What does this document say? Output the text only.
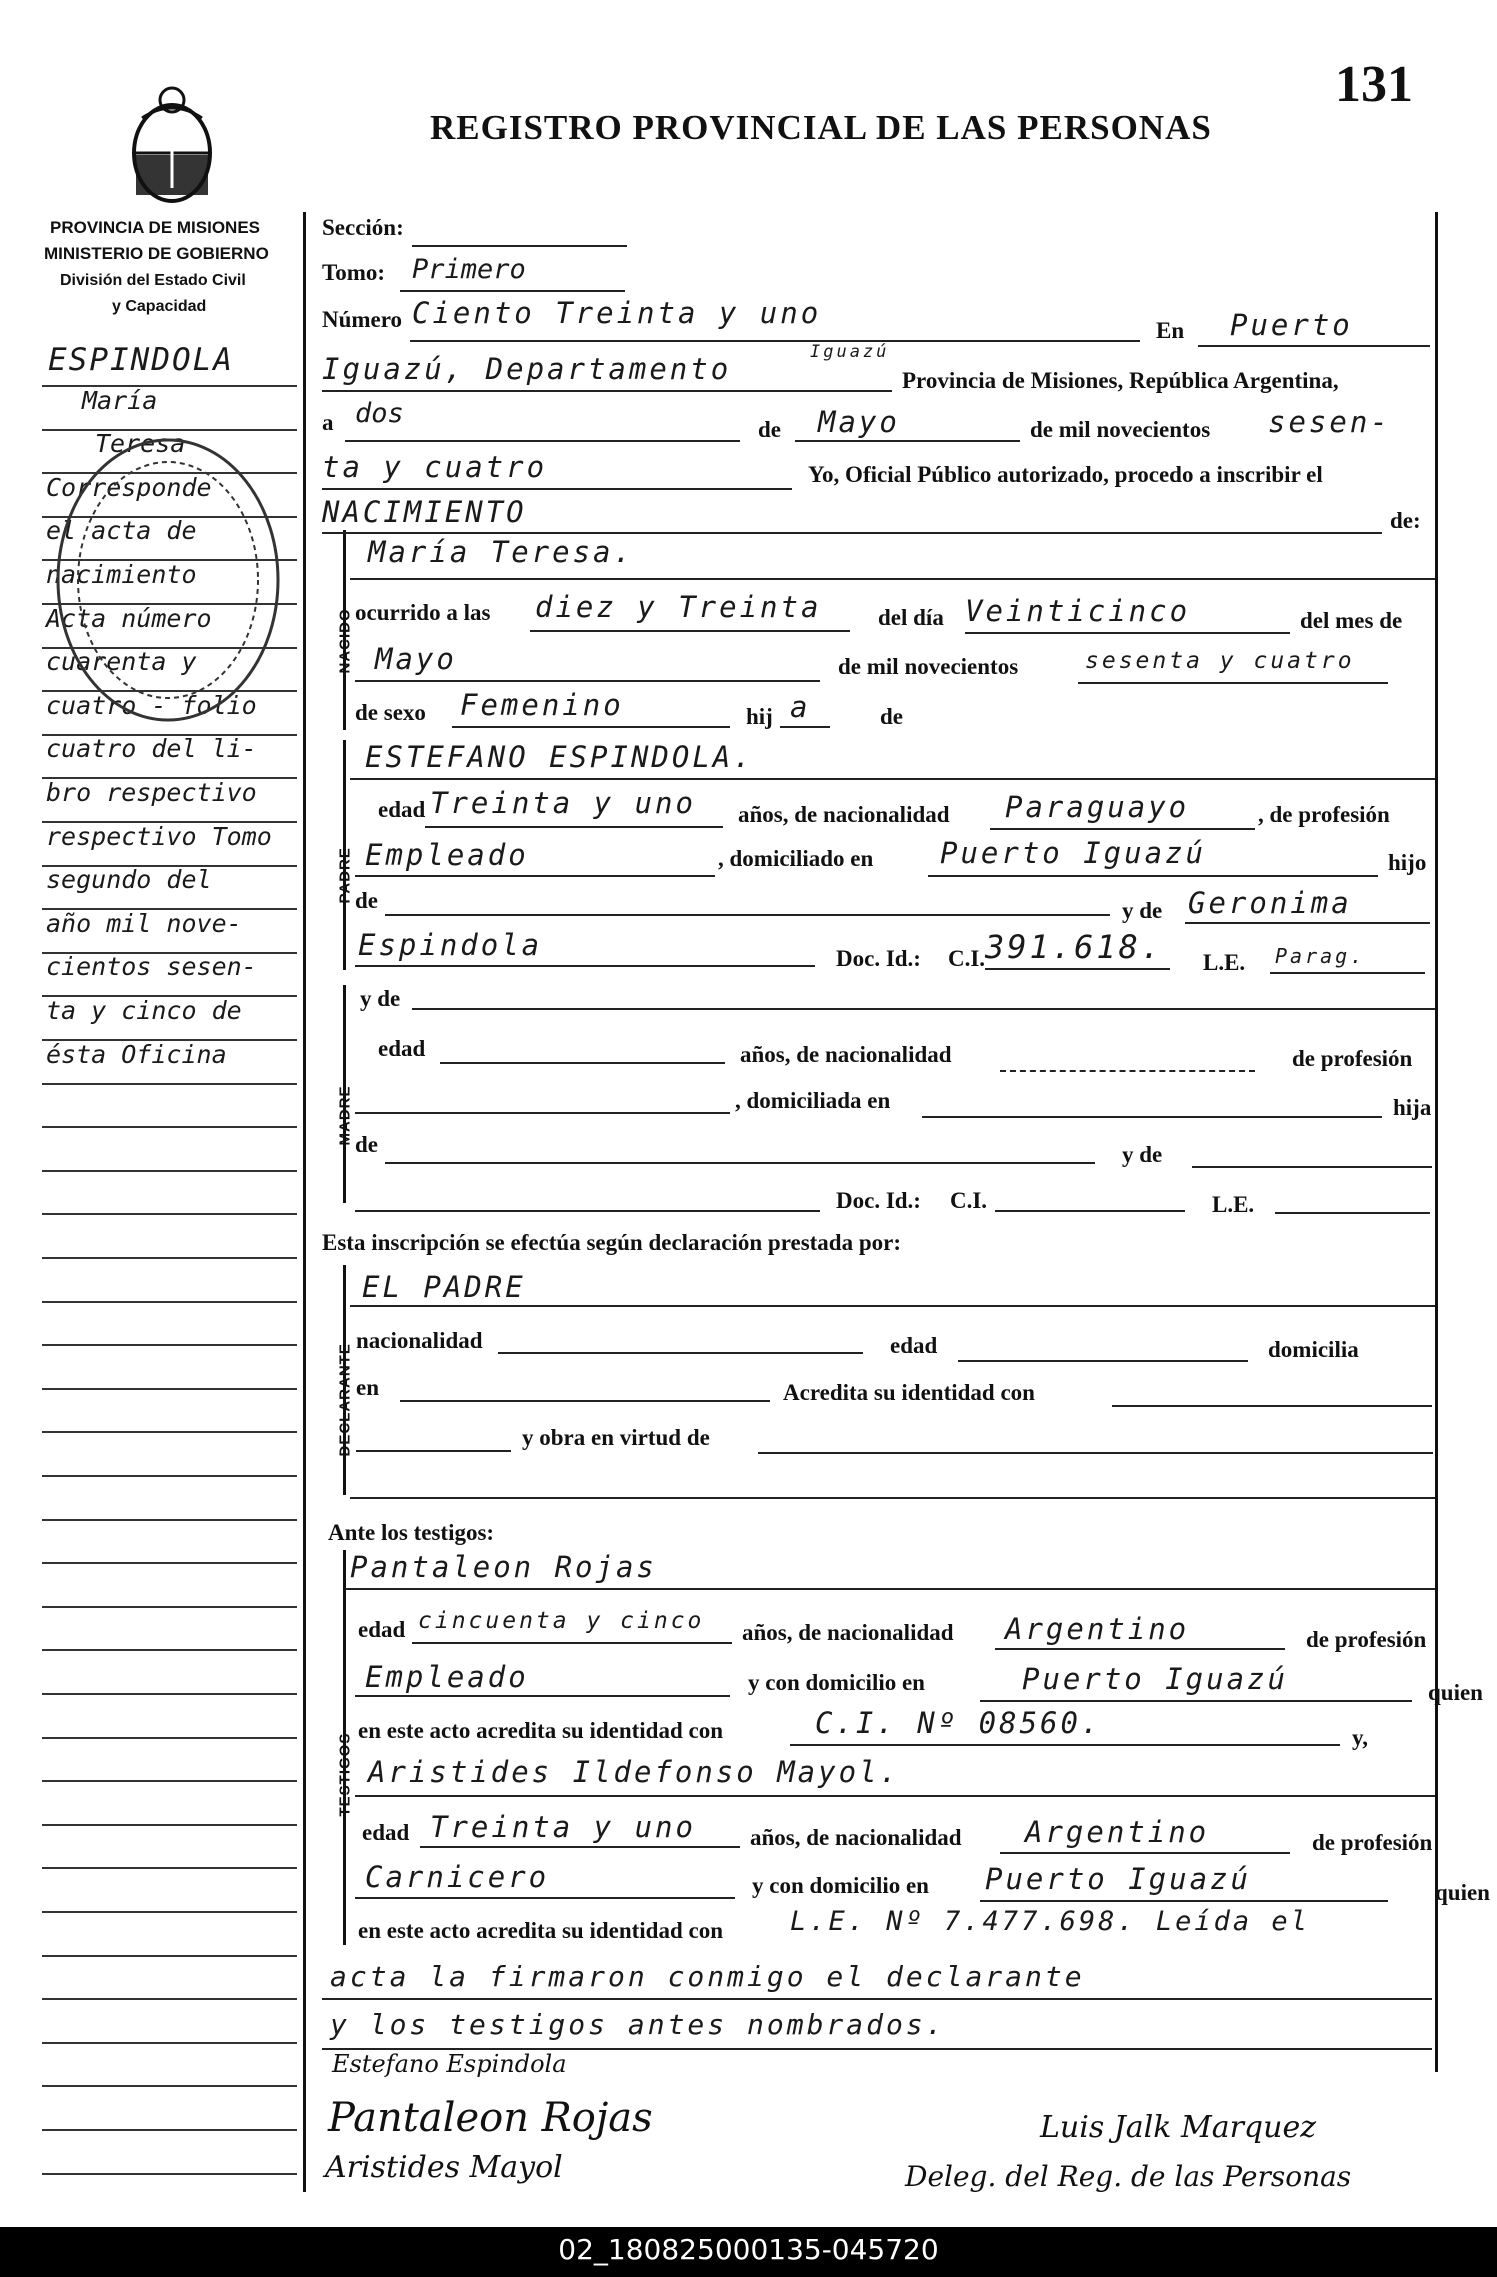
131
REGISTRO PROVINCIAL DE LAS PERSONAS
PROVINCIA DE MISIONES
MINISTERIO DE GOBIERNO
División del Estado Civil
y Capacidad
NACIDO
PADRE
MADRE
DECLARANTE
TESTIGOS
ESPINDOLA
María
Teresa
Corresponde
el acta de
nacimiento
Acta número
cuarenta y
cuatro - folio
cuatro del li-
bro respectivo
respectivo Tomo
segundo del
año mil nove-
cientos sesen-
ta y cinco de
ésta Oficina
Sección:
Tomo: Primero
Número Ciento Treinta y uno
En Puerto
Iguazú, Departamento	Iguazú
Provincia de Misiones, República Argentina,
a dos
de Mayo	de mil novecientos sesen-
ta y cuatro	Yo, Oficial Público autorizado, procedo a inscribir el
NACIMIENTO	de:
María Teresa.
ocurrido a las diez y Treinta del día Veinticinco	del mes de
Mayo	de mil novecientos	sesenta y cuatro
de sexo Femenino	hij a	de
ESTEFANO ESPINDOLA.
edad Treinta y uno años, de nacionalidad Paraguayo	, de profesión
Empleado	, domiciliado en Puerto Iguazú	hijo
de	y de Geronima
Espindola	Doc. Id.: C.I. 391.618. L.E. Parag.
y de
edad	años, de nacionalidad	de profesión
, domiciliada en	hija
de	y de
Doc. Id.: C.I.	L.E.
Esta inscripción se efectúa según declaración prestada por:
EL PADRE
nacionalidad	edad	domicilia
en	Acredita su identidad con
y obra en virtud de
Ante los testigos:
Pantaleon Rojas
edad cincuenta y cinco años, de nacionalidad Argentino	de profesión
Empleado	y con domicilio en	Puerto Iguazú	quien
en este acto acredita su identidad con	C.I. Nº 08560.	y,
Aristides Ildefonso Mayol.
edad Treinta y uno años, de nacionalidad Argentino	de profesión
Carnicero	y con domicilio en Puerto Iguazú	quien
en este acto acredita su identidad con L.E. Nº 7.477.698. Leída el
acta la firmaron conmigo el declarante
y los testigos antes nombrados.
Estefano Espindola
Pantaleon Rojas
Aristides Mayol
Luis Jalk Marquez
Deleg. del Reg. de las Personas
02_180825000135-045720
